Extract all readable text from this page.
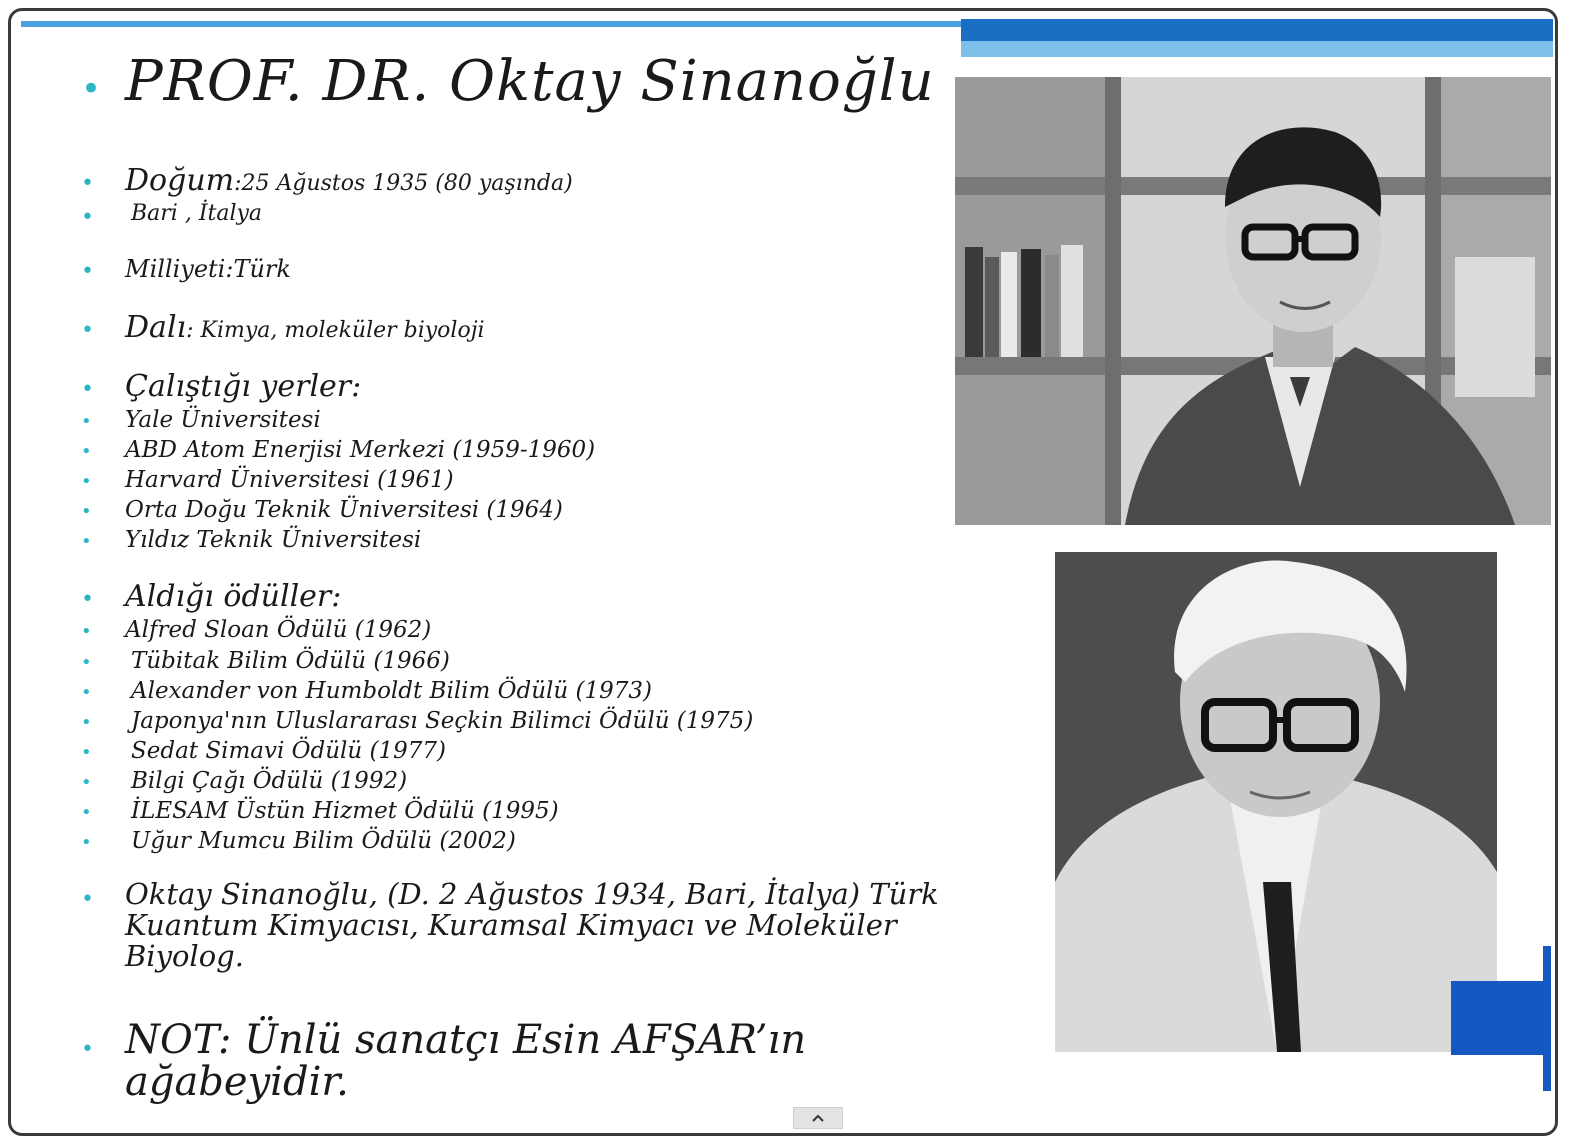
• PROF. DR. Oktay Sinanoğlu
• Doğum:25 Ağustos 1935 (80 yaşında)
• Bari , İtalya
• Milliyeti:Türk
• Dalı: Kimya, moleküler biyoloji
• Çalıştığı yerler:
• Yale Üniversitesi
• ABD Atom Enerjisi Merkezi (1959-1960)
• Harvard Üniversitesi (1961)
• Orta Doğu Teknik Üniversitesi (1964)
• Yıldız Teknik Üniversitesi
• Aldığı ödüller:
• Alfred Sloan Ödülü (1962)
• Tübitak Bilim Ödülü (1966)
• Alexander von Humboldt Bilim Ödülü (1973)
• Japonya'nın Uluslararası Seçkin Bilimci Ödülü (1975)
• Sedat Simavi Ödülü (1977)
• Bilgi Çağı Ödülü (1992)
• İLESAM Üstün Hizmet Ödülü (1995)
• Uğur Mumcu Bilim Ödülü (2002)
• Oktay Sinanoğlu, (D. 2 Ağustos 1934, Bari, İtalya) Türk
Kuantum Kimyacısı, Kuramsal Kimyacı ve Moleküler
Biyolog.
• NOT: Ünlü sanatçı Esin AFŞAR’ın
ağabeyidir.
